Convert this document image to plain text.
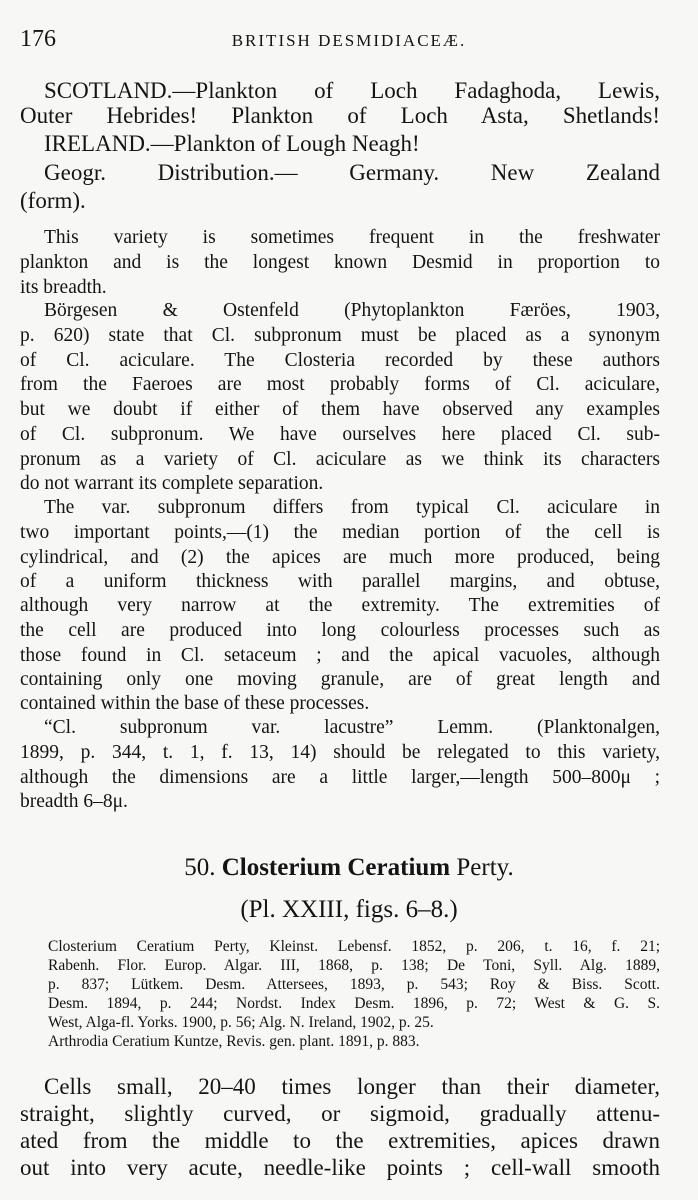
176	BRITISH DESMIDIACEÆ.
SCOTLAND.—Plankton of Loch Fadaghoda, Lewis,
Outer Hebrides! Plankton of Loch Asta, Shetlands!
IRELAND.—Plankton of Lough Neagh!
Geogr. Distribution.— Germany. New Zealand
(form).
This variety is sometimes frequent in the freshwater
plankton and is the longest known Desmid in proportion to
its breadth.
Börgesen & Ostenfeld (Phytoplankton Færöes, 1903,
p. 620) state that Cl. subpronum must be placed as a synonym
of Cl. aciculare. The Closteria recorded by these authors
from the Faeroes are most probably forms of Cl. aciculare,
but we doubt if either of them have observed any examples
of Cl. subpronum. We have ourselves here placed Cl. sub-
pronum as a variety of Cl. aciculare as we think its characters
do not warrant its complete separation.
The var. subpronum differs from typical Cl. aciculare in
two important points,—(1) the median portion of the cell is
cylindrical, and (2) the apices are much more produced, being
of a uniform thickness with parallel margins, and obtuse,
although very narrow at the extremity. The extremities of
the cell are produced into long colourless processes such as
those found in Cl. setaceum ; and the apical vacuoles, although
containing only one moving granule, are of great length and
contained within the base of these processes.
“Cl. subpronum var. lacustre” Lemm. (Planktonalgen,
1899, p. 344, t. 1, f. 13, 14) should be relegated to this variety,
although the dimensions are a little larger,—length 500–800μ ;
breadth 6–8μ.
Closterium Ceratium Perty, Kleinst. Lebensf. 1852, p. 206, t. 16, f. 21;
Rabenh. Flor. Europ. Algar. III, 1868, p. 138; De Toni, Syll. Alg. 1889,
p. 837; Lütkem. Desm. Attersees, 1893, p. 543; Roy & Biss. Scott.
Desm. 1894, p. 244; Nordst. Index Desm. 1896, p. 72; West & G. S.
West, Alga-fl. Yorks. 1900, p. 56; Alg. N. Ireland, 1902, p. 25.
Arthrodia Ceratium Kuntze, Revis. gen. plant. 1891, p. 883.
Cells small, 20–40 times longer than their diameter,
straight, slightly curved, or sigmoid, gradually attenu-
ated from the middle to the extremities, apices drawn
out into very acute, needle-like points ; cell-wall smooth
50. Closterium Ceratium Perty.
(Pl. XXIII, figs. 6–8.)
